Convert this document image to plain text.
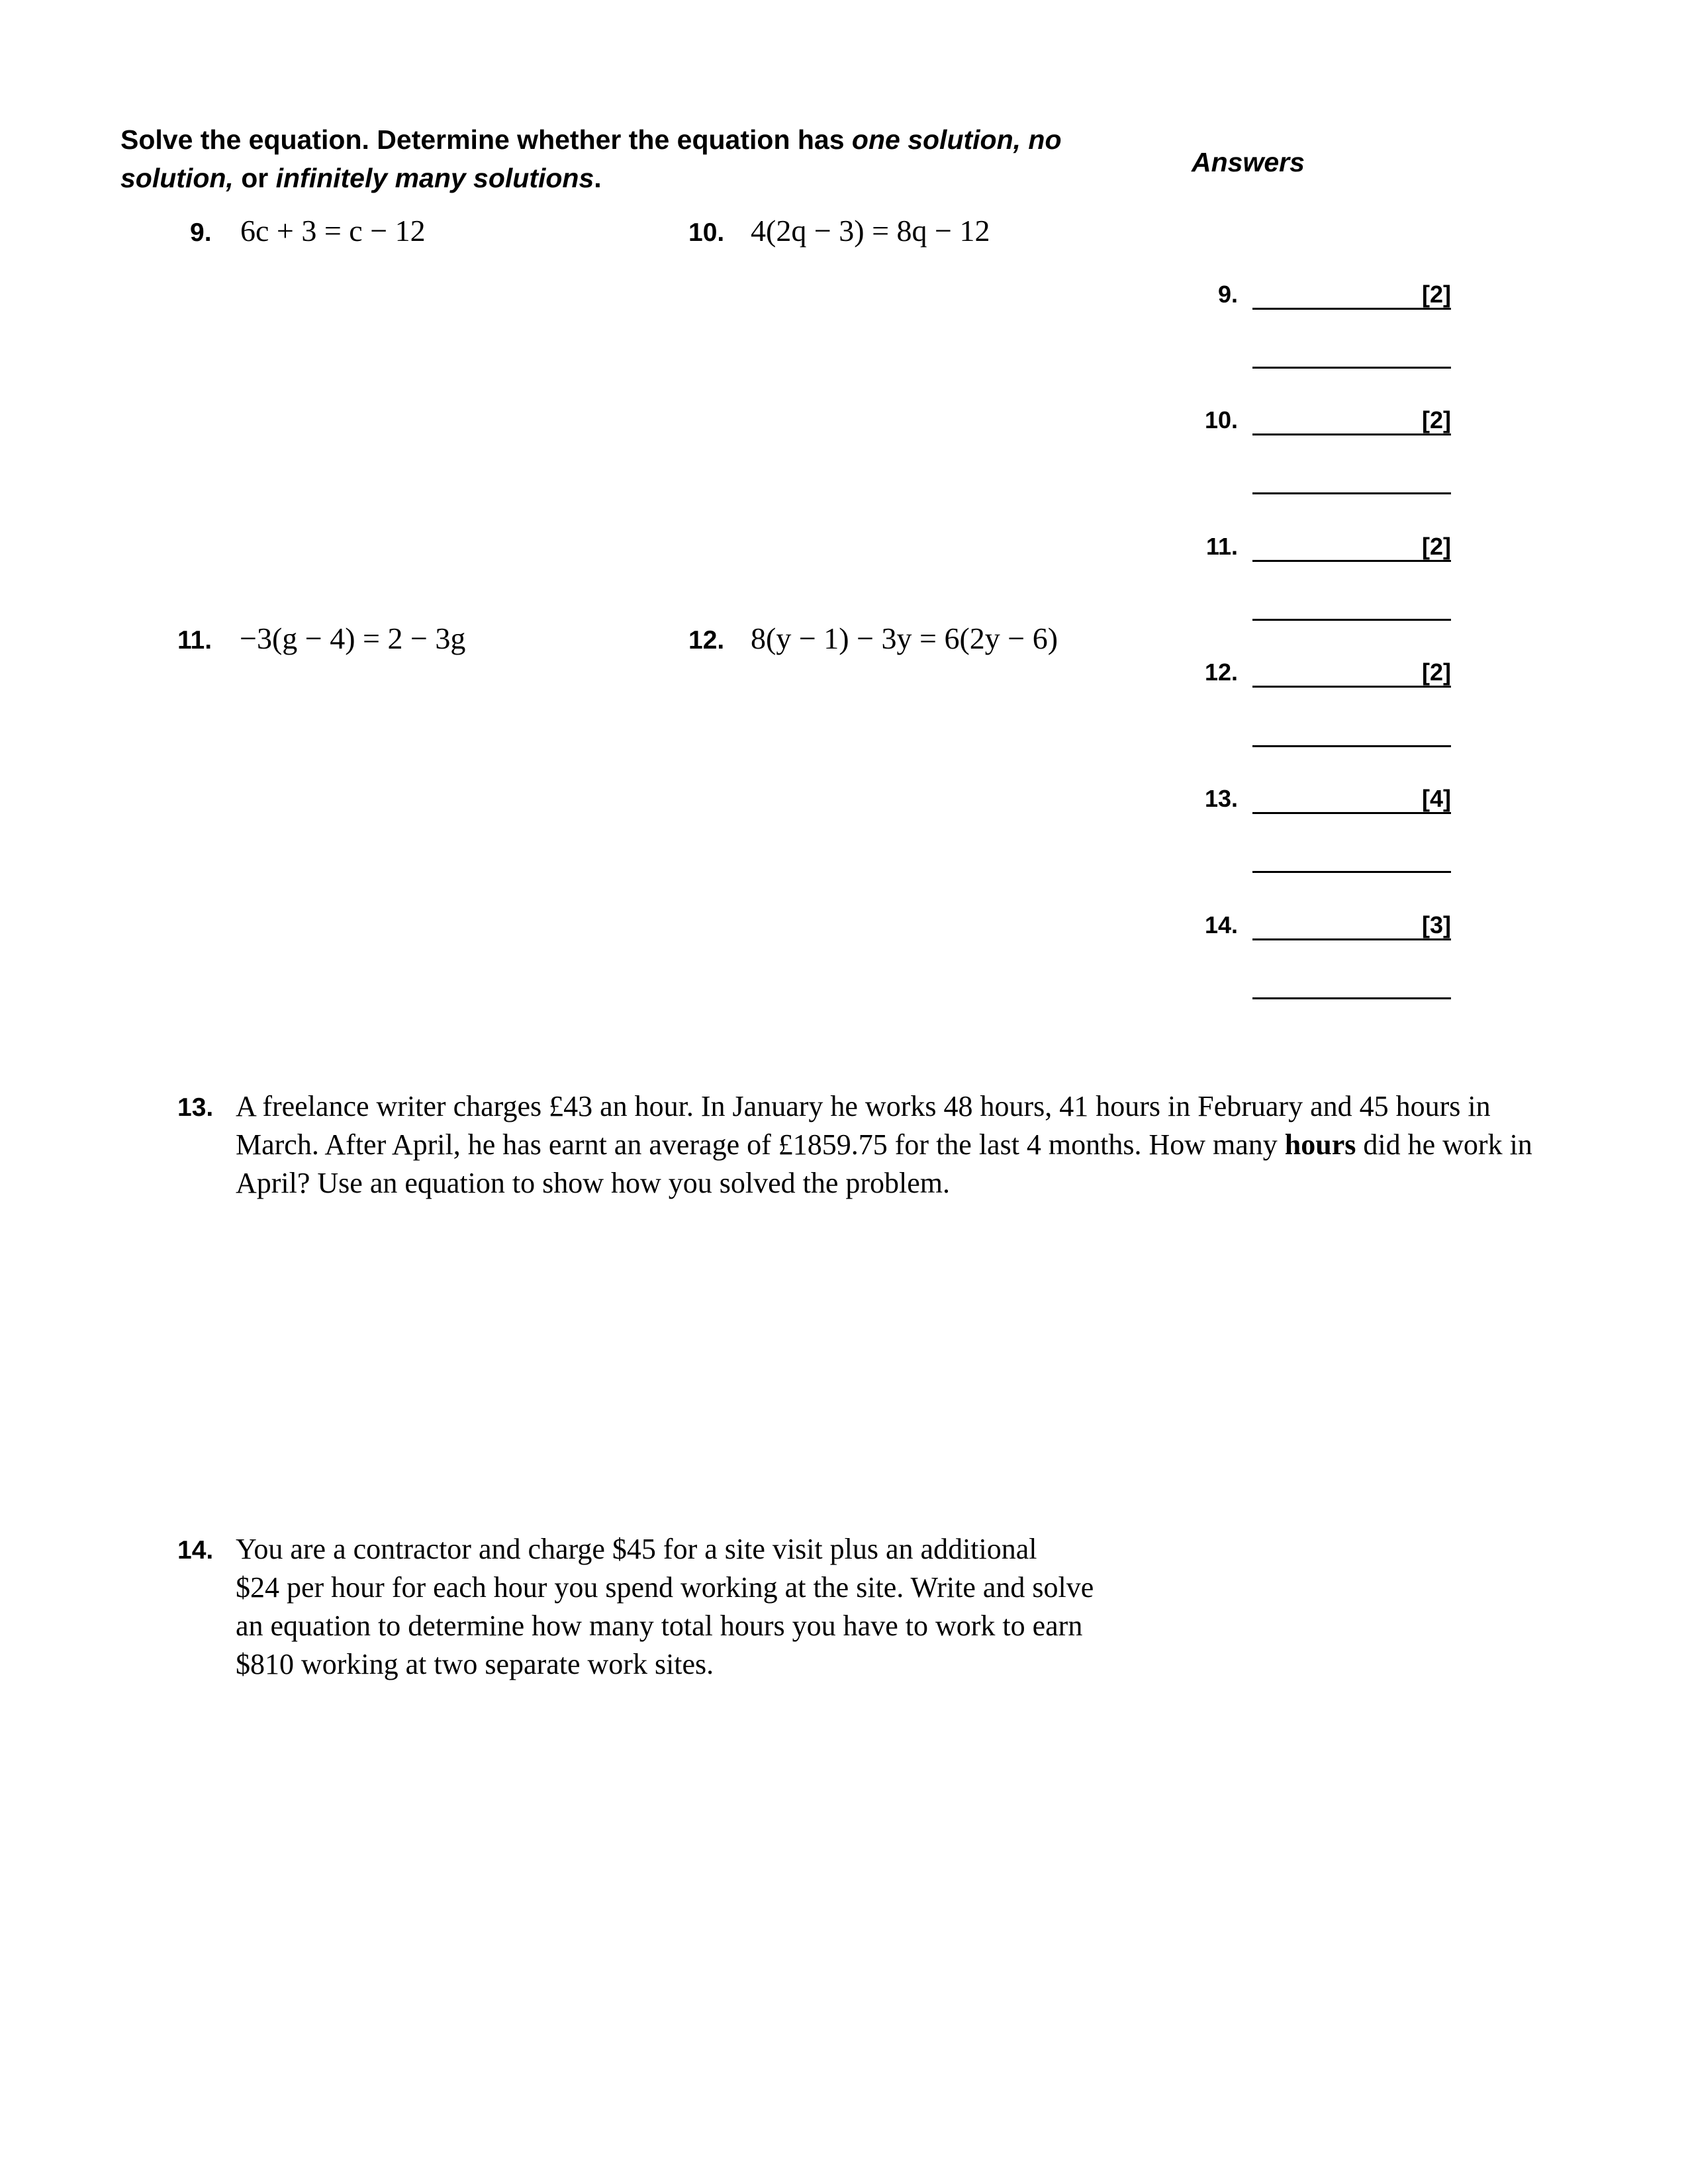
Solve the equation. Determine whether the equation has one solution, no solution, or infinitely many solutions.
Answers
9. 6c + 3 = c − 12	10. 4(2q − 3) = 8q − 12
11. −3(g − 4) = 2 − 3g	12. 8(y − 1) − 3y = 6(2y − 6)
9.	[2]
10.	[2]
11.	[2]
12.	[2]
13.	[4]
14.	[3]
13. A freelance writer charges £43 an hour. In January he works 48 hours, 41 hours in February and 45 hours in March. After April, he has earnt an average of £1859.75 for the last 4 months. How many hours did he work in April? Use an equation to show how you solved the problem.
14. You are a contractor and charge $45 for a site visit plus an additional
$24 per hour for each hour you spend working at the site. Write and solve
an equation to determine how many total hours you have to work to earn
$810 working at two separate work sites.
